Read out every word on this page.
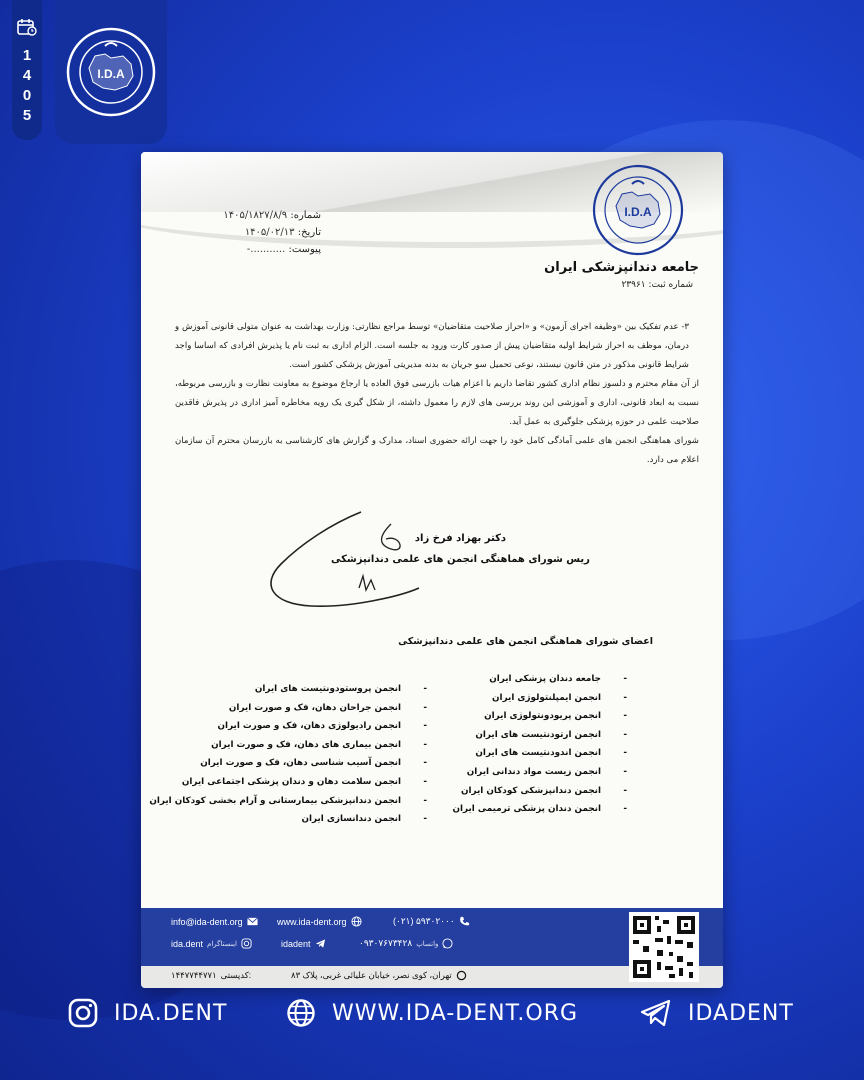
1
4
0
5
I.D.A
شماره: ۱۴۰۵/۱۸۲۷/۸/۹
تاریخ: ۱۴۰۵/۰۲/۱۳
پیوست: ...........-
I.D.A
جامعه دندانپزشکی ایران
شماره ثبت: ۲۳۹۶۱

۳- عدم تفکیک بین «وظیفه اجرای آزمون» و «احراز صلاحیت متقاضیان» توسط مراجع نظارتی: وزارت بهداشت به عنوان متولی قانونی آموزش و درمان، موظف به احراز شرایط اولیه متقاضیان پیش از صدور کارت ورود به جلسه است. الزام اداری به ثبت نام یا پذیرش افرادی که اساسا واجد شرایط قانونی مذکور در متن قانون نیستند، نوعی تحمیل سو جریان به بدنه مدیریتی آموزش پزشکی کشور است.

از آن مقام محترم و دلسوز نظام اداری کشور تقاضا داریم با اعزام هیات بازرسی فوق العاده یا ارجاع موضوع به معاونت نظارت و بازرسی مربوطه، نسبت به ابعاد قانونی، اداری و آموزشی این روند بررسی های لازم را معمول داشته، از شکل گیری یک رویه مخاطره آمیز اداری در پذیرش فاقدین صلاحیت علمی در حوزه پزشکی جلوگیری به عمل آید.

شورای هماهنگی انجمن های علمی آمادگی کامل خود را جهت ارائه حضوری اسناد، مدارک و گزارش های کارشناسی به بازرسان محترم آن سازمان اعلام می دارد.

دکتر بهزاد فرخ زاد
ریس شورای هماهنگی انجمن های علمی دندانپزشکی
اعضای شورای هماهنگی انجمن های علمی دندانپزشکی
- جامعه دندان پزشکی ایران
- انجمن ایمپلنتولوژی ایران
- انجمن پریودونتولوژی ایران
- انجمن ارتودنتیست های ایران
- انجمن اندودنتیست های ایران
- انجمن زیست مواد دندانی ایران
- انجمن دندانپزشکی کودکان ایران
- انجمن دندان پزشکی ترمیمی ایران
- انجمن پروستودونتیست های ایران
- انجمن جراحان دهان، فک و صورت ایران
- انجمن رادیولوژی دهان، فک و صورت ایران
- انجمن بیماری های دهان، فک و صورت ایران
- انجمن آسیب شناسی دهان، فک و صورت ایران
- انجمن سلامت دهان و دندان پزشکی اجتماعی ایران
- انجمن دندانپزشکی بیمارستانی و آرام بخشی کودکان ایران
- انجمن دندانسازی ایران
info@ida-dent.org	www.ida-dent.org	(۰۲۱) ۵۹۳۰۲۰۰۰
ida.dent اینستاگرام	idadent	۰۹۳۰۷۶۷۳۴۲۸ واتساپ
۱۴۴۷۷۴۴۷۷۱ کدپستی:	تهران، کوی نصر، خیابان علیائی غربی، پلاک ۸۳
IDA.DENT	WWW.IDA-DENT.ORG	IDADENT
